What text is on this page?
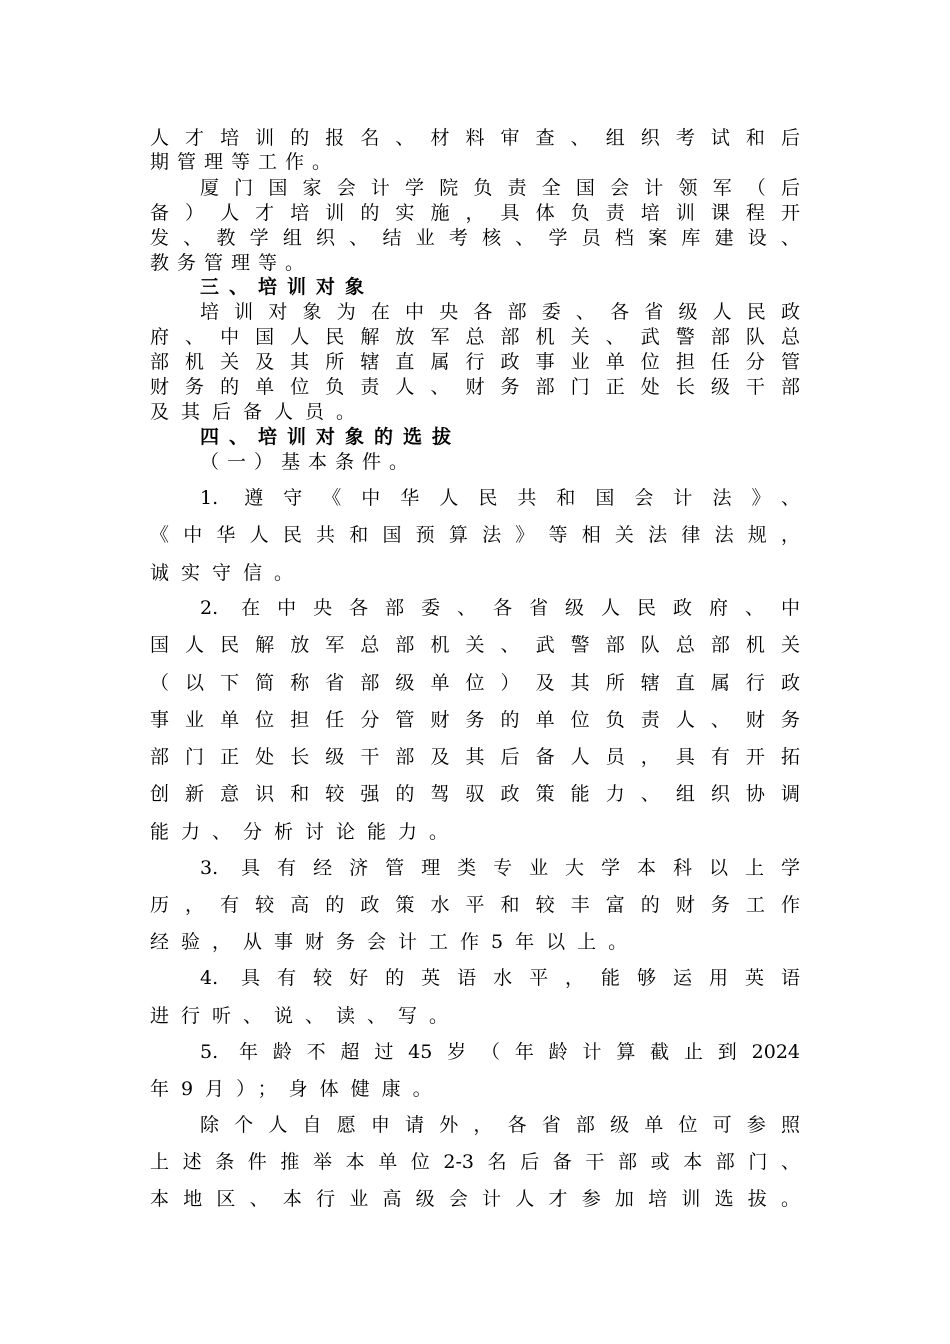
人才培训的报名、材料审查、组织考试和后
期管理等工作。
厦门国家会计学院负责全国会计领军（后
备）人才培训的实施，具体负责培训课程开
发、教学组织、结业考核、学员档案库建设、
教务管理等。
三、培训对象
培训对象为在中央各部委、各省级人民政
府、中国人民解放军总部机关、武警部队总
部机关及其所辖直属行政事业单位担任分管
财务的单位负责人、财务部门正处长级干部
及其后备人员。
四、培训对象的选拔
（一）基本条件。
1. 遵守《中华人民共和国会计法》、
《中华人民共和国预算法》等相关法律法规，
诚实守信。
2. 在中央各部委、各省级人民政府、中
国人民解放军总部机关、武警部队总部机关
（以下简称省部级单位）及其所辖直属行政
事业单位担任分管财务的单位负责人、财务
部门正处长级干部及其后备人员，具有开拓
创新意识和较强的驾驭政策能力、组织协调
能力、分析讨论能力。
3. 具有经济管理类专业大学本科以上学
历，有较高的政策水平和较丰富的财务工作
经验，从事财务会计工作5年以上。
4. 具有较好的英语水平，能够运用英语
进行听、说、读、写。
5. 年龄不超过45岁（年龄计算截止到2024
年9月）；身体健康。
除个人自愿申请外，各省部级单位可参照
上述条件推举本单位2-3名后备干部或本部门、
本地区、本行业高级会计人才参加培训选拔。
